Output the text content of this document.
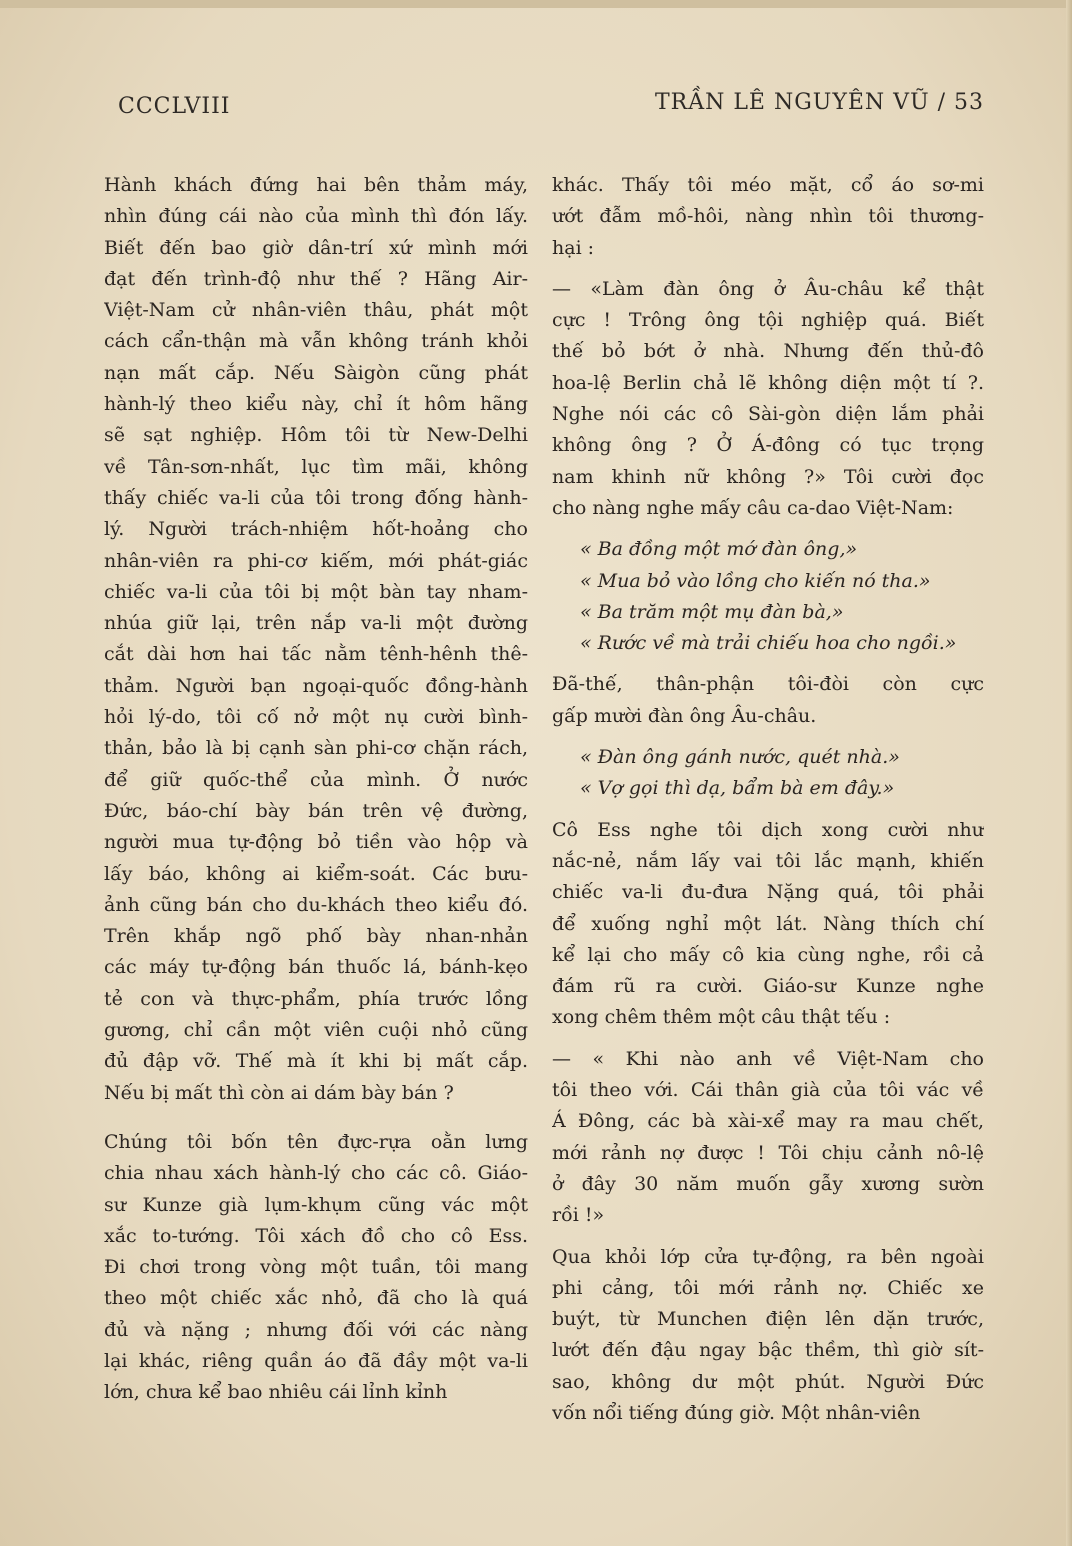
CCCLVIII	TRẦN LÊ NGUYÊN VŨ / 53
Hành khách đứng hai bên thảm máy,
nhìn đúng cái nào của mình thì đón lấy.
Biết đến bao giờ dân-trí xứ mình mới
đạt đến trình-độ như thế ? Hãng Air-
Việt-Nam cử nhân-viên thâu, phát một
cách cẩn-thận mà vẫn không tránh khỏi
nạn mất cắp. Nếu Sàigòn cũng phát
hành-lý theo kiểu này, chỉ ít hôm hãng
sẽ sạt nghiệp. Hôm tôi từ New-Delhi
về Tân-sơn-nhất, lục tìm mãi, không
thấy chiếc va-li của tôi trong đống hành-
lý. Người trách-nhiệm hốt-hoảng cho
nhân-viên ra phi-cơ kiếm, mới phát-giác
chiếc va-li của tôi bị một bàn tay nham-
nhúa giữ lại, trên nắp va-li một đường
cắt dài hơn hai tấc nằm tênh-hênh thê-
thảm. Người bạn ngoại-quốc đồng-hành
hỏi lý-do, tôi cố nở một nụ cười bình-
thản, bảo là bị cạnh sàn phi-cơ chặn rách,
để giữ quốc-thể của mình. Ở nước
Đức, báo-chí bày bán trên vệ đường,
người mua tự-động bỏ tiền vào hộp và
lấy báo, không ai kiểm-soát. Các bưu-
ảnh cũng bán cho du-khách theo kiểu đó.
Trên khắp ngõ phố bày nhan-nhản
các máy tự-động bán thuốc lá, bánh-kẹo
tẻ con và thực-phẩm, phía trước lồng
gương, chỉ cần một viên cuội nhỏ cũng
đủ đập vỡ. Thế mà ít khi bị mất cắp.
Nếu bị mất thì còn ai dám bày bán ?
Chúng tôi bốn tên đực-rựa oằn lưng
chia nhau xách hành-lý cho các cô. Giáo-
sư Kunze già lụm-khụm cũng vác một
xắc to-tướng. Tôi xách đồ cho cô Ess.
Đi chơi trong vòng một tuần, tôi mang
theo một chiếc xắc nhỏ, đã cho là quá
đủ và nặng ; nhưng đối với các nàng
lại khác, riêng quần áo đã đầy một va-li
lớn, chưa kể bao nhiêu cái lỉnh kỉnh
khác. Thấy tôi méo mặt, cổ áo sơ-mi
ướt đẫm mồ-hôi, nàng nhìn tôi thương-
hại :
— «Làm đàn ông ở Âu-châu kể thật
cực ! Trông ông tội nghiệp quá. Biết
thế bỏ bớt ở nhà. Nhưng đến thủ-đô
hoa-lệ Berlin chả lẽ không diện một tí ?.
Nghe nói các cô Sài-gòn diện lắm phải
không ông ? Ở Á-đông có tục trọng
nam khinh nữ không ?» Tôi cười đọc
cho nàng nghe mấy câu ca-dao Việt-Nam:
« Ba đồng một mớ đàn ông,»
« Mua bỏ vào lồng cho kiến nó tha.»
« Ba trăm một mụ đàn bà,»
« Rước về mà trải chiếu hoa cho ngồi.»
Đã-thế, thân-phận tôi-đòi còn cực
gấp mười đàn ông Âu-châu.
« Đàn ông gánh nước, quét nhà.»
« Vợ gọi thì dạ, bẩm bà em đây.»
Cô Ess nghe tôi dịch xong cười như
nắc-nẻ, nắm lấy vai tôi lắc mạnh, khiến
chiếc va-li đu-đưa Nặng quá, tôi phải
để xuống nghỉ một lát. Nàng thích chí
kể lại cho mấy cô kia cùng nghe, rồi cả
đám rũ ra cười. Giáo-sư Kunze nghe
xong chêm thêm một câu thật tếu :
— « Khi nào anh về Việt-Nam cho
tôi theo với. Cái thân già của tôi vác về
Á Đông, các bà xài-xể may ra mau chết,
mới rảnh nợ được ! Tôi chịu cảnh nô-lệ
ở đây 30 năm muốn gẫy xương sườn
rồi !»
Qua khỏi lớp cửa tự-động, ra bên ngoài
phi cảng, tôi mới rảnh nợ. Chiếc xe
buýt, từ Munchen điện lên dặn trước,
lướt đến đậu ngay bậc thềm, thì giờ sít-
sao, không dư một phút. Người Đức
vốn nổi tiếng đúng giờ. Một nhân-viên
